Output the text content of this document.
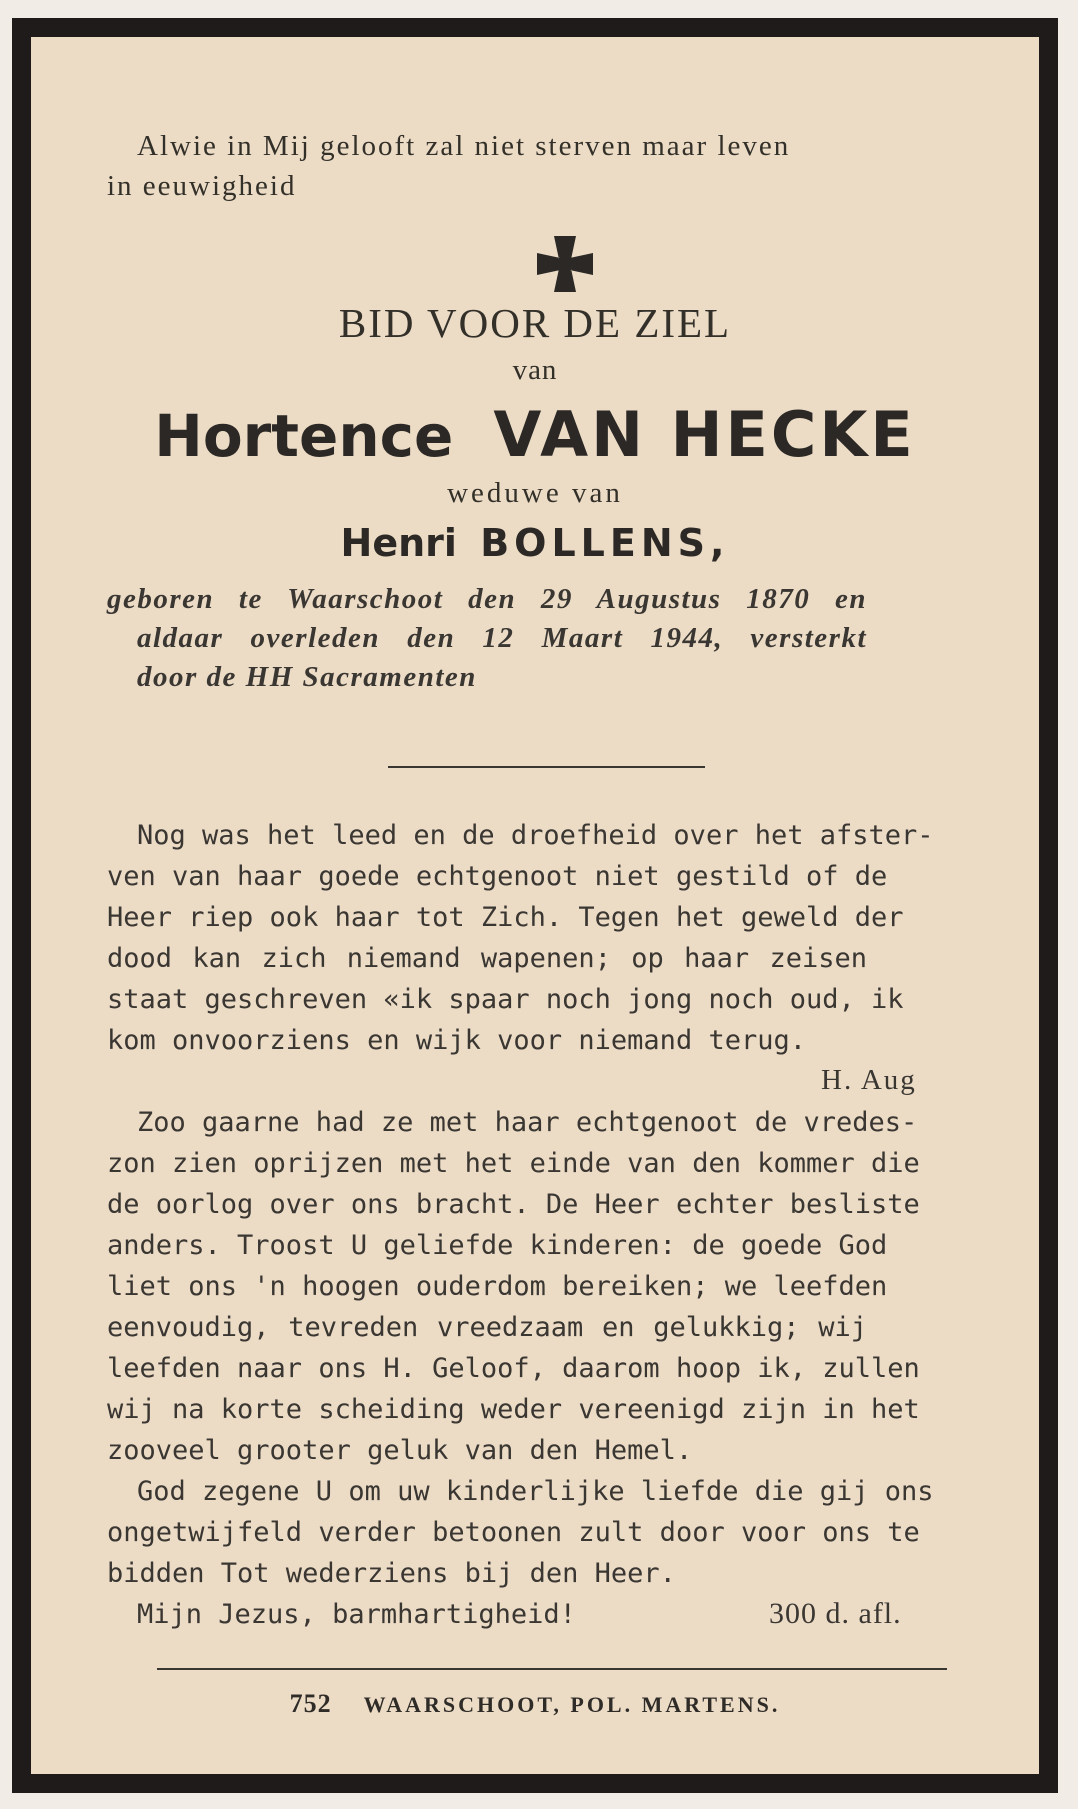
Alwie in Mij gelooft zal niet sterven maar leven
in eeuwigheid
BID VOOR DE ZIEL
van
Hortence VAN HECKE
weduwe van
Henri BOLLENS,
geboren te Waarschoot den 29 Augustus 1870 en
aldaar overleden den 12 Maart 1944, versterkt
door de HH Sacramenten
Nog was het leed en de droefheid over het afster-
ven van haar goede echtgenoot niet gestild of de
Heer riep ook haar tot Zich. Tegen het geweld der
dood kan zich niemand wapenen; op haar zeisen
staat geschreven «ik spaar noch jong noch oud, ik
kom onvoorziens en wijk voor niemand terug.
H. Aug
Zoo gaarne had ze met haar echtgenoot de vredes-
zon zien oprijzen met het einde van den kommer die
de oorlog over ons bracht. De Heer echter besliste
anders. Troost U geliefde kinderen: de goede God
liet ons 'n hoogen ouderdom bereiken; we leefden
eenvoudig, tevreden vreedzaam en gelukkig; wij
leefden naar ons H. Geloof, daarom hoop ik, zullen
wij na korte scheiding weder vereenigd zijn in het
zooveel grooter geluk van den Hemel.
God zegene U om uw kinderlijke liefde die gij ons
ongetwijfeld verder betoonen zult door voor ons te
bidden Tot wederziens bij den Heer.
Mijn Jezus, barmhartigheid!	300 d. afl.
752 WAARSCHOOT, POL. MARTENS.
